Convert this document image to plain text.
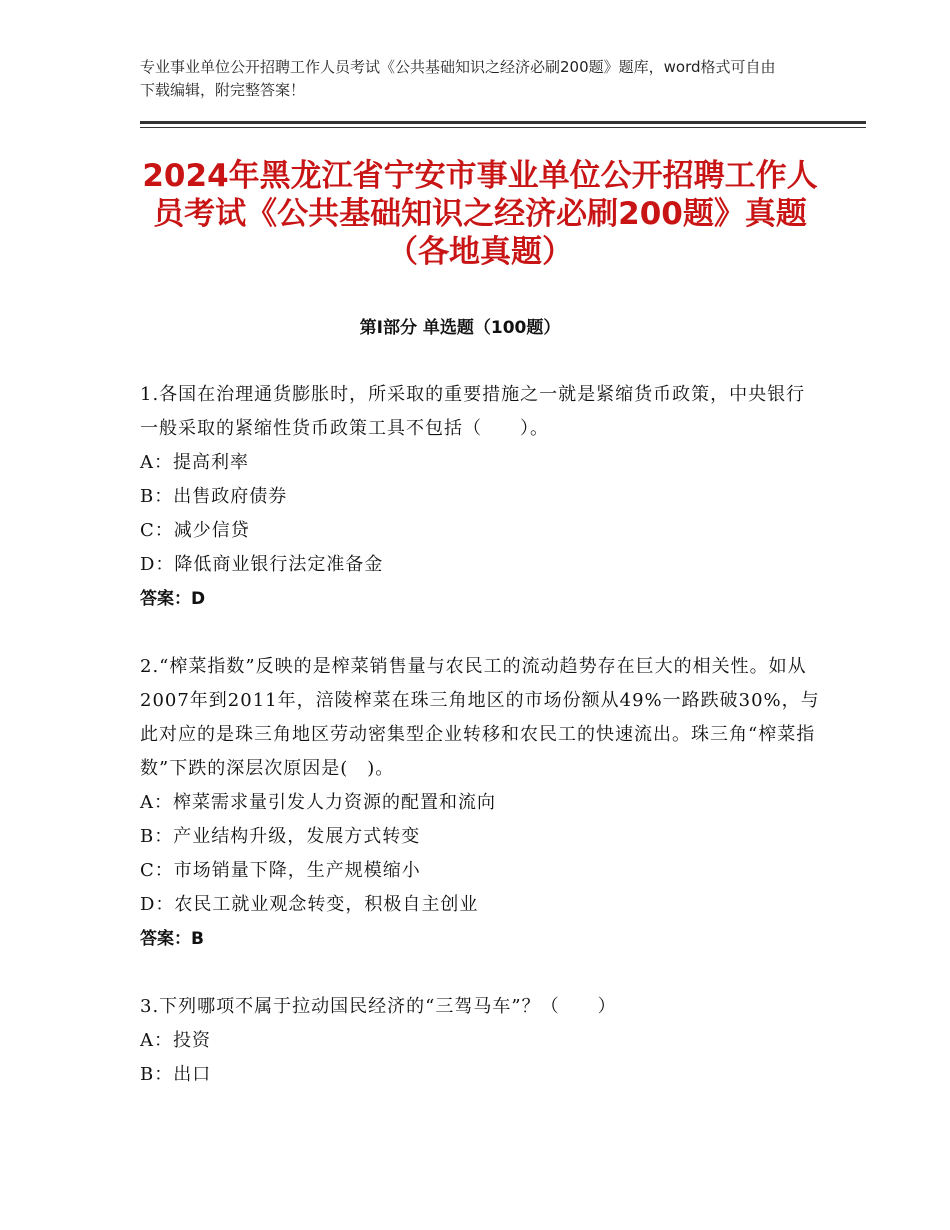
专业事业单位公开招聘工作人员考试《公共基础知识之经济必刷200题》题库，word格式可自由下载编辑，附完整答案！
2024年黑龙江省宁安市事业单位公开招聘工作人员考试《公共基础知识之经济必刷200题》真题（各地真题）
第Ⅰ部分 单选题（100题）
1.各国在治理通货膨胀时，所采取的重要措施之一就是紧缩货币政策，中央银行一般采取的紧缩性货币政策工具不包括（　　）。
A：提高利率
B：出售政府债券
C：减少信贷
D：降低商业银行法定准备金
答案：D
2.“榨菜指数”反映的是榨菜销售量与农民工的流动趋势存在巨大的相关性。如从2007年到2011年，涪陵榨菜在珠三角地区的市场份额从49%一路跌破30%，与此对应的是珠三角地区劳动密集型企业转移和农民工的快速流出。珠三角“榨菜指数”下跌的深层次原因是(　)。
A：榨菜需求量引发人力资源的配置和流向
B：产业结构升级，发展方式转变
C：市场销量下降，生产规模缩小
D：农民工就业观念转变，积极自主创业
答案：B
3.下列哪项不属于拉动国民经济的“三驾马车”？（　　）
A：投资
B：出口
